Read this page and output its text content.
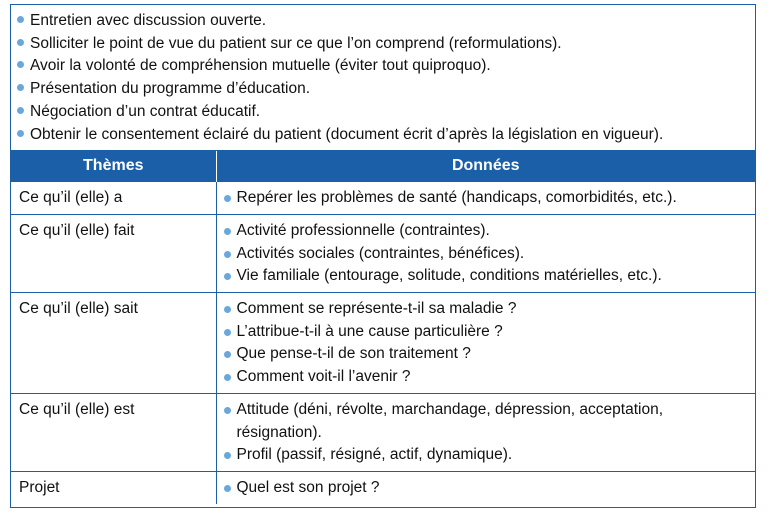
Entretien avec discussion ouverte.
Solliciter le point de vue du patient sur ce que l’on comprend (reformulations).
Avoir la volonté de compréhension mutuelle (éviter tout quiproquo).
Présentation du programme d’éducation.
Négociation d’un contrat éducatif.
Obtenir le consentement éclairé du patient (document écrit d’après la législation en vigueur).
Thèmes	Données
Ce qu’il (elle) a	Repérer les problèmes de santé (handicaps, comorbidités, etc.).

Ce qu’il (elle) fait	Activité professionnelle (contraintes).
Activités sociales (contraintes, bénéfices).
Vie familiale (entourage, solitude, conditions matérielles, etc.).

Ce qu’il (elle) sait	Comment se représente-t-il sa maladie ?
L’attribue-t-il à une cause particulière ?
Que pense-t-il de son traitement ?
Comment voit-il l’avenir ?

Ce qu’il (elle) est	Attitude (déni, révolte, marchandage, dépression, acceptation, résignation).
Profil (passif, résigné, actif, dynamique).

Projet	Quel est son projet ?
